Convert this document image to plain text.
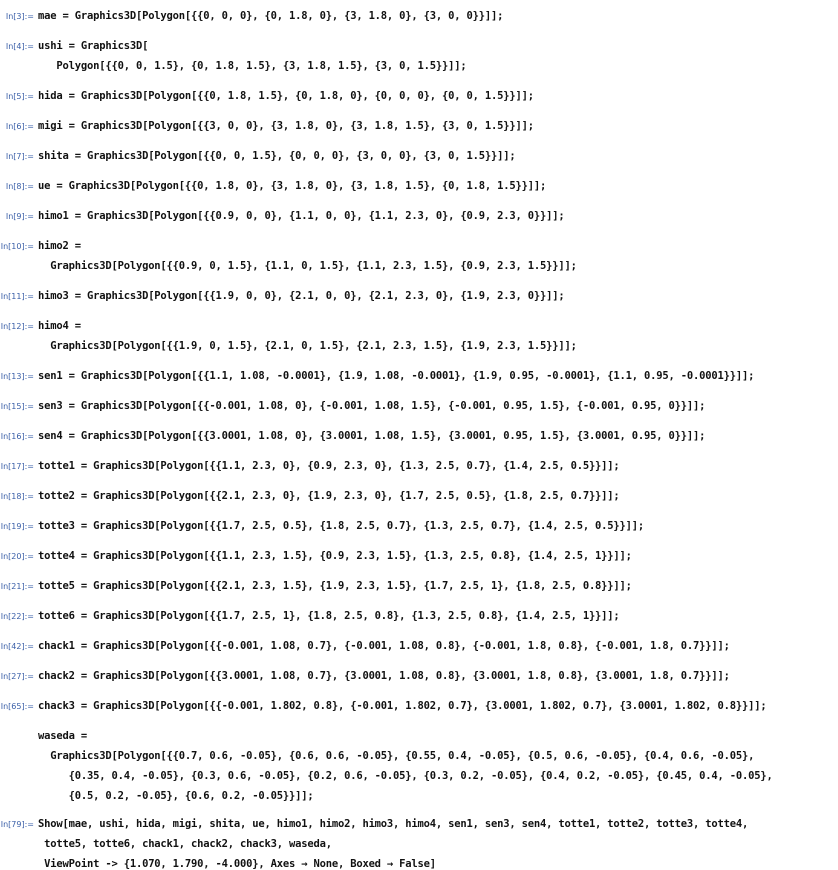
In[3]:= mae = Graphics3D[Polygon[{{0, 0, 0}, {0, 1.8, 0}, {3, 1.8, 0}, {3, 0, 0}}]];
In[4]:= ushi = Graphics3D[
Polygon[{{0, 0, 1.5}, {0, 1.8, 1.5}, {3, 1.8, 1.5}, {3, 0, 1.5}}]];
In[5]:= hida = Graphics3D[Polygon[{{0, 1.8, 1.5}, {0, 1.8, 0}, {0, 0, 0}, {0, 0, 1.5}}]];
In[6]:= migi = Graphics3D[Polygon[{{3, 0, 0}, {3, 1.8, 0}, {3, 1.8, 1.5}, {3, 0, 1.5}}]];
In[7]:= shita = Graphics3D[Polygon[{{0, 0, 1.5}, {0, 0, 0}, {3, 0, 0}, {3, 0, 1.5}}]];
In[8]:= ue = Graphics3D[Polygon[{{0, 1.8, 0}, {3, 1.8, 0}, {3, 1.8, 1.5}, {0, 1.8, 1.5}}]];
In[9]:= himo1 = Graphics3D[Polygon[{{0.9, 0, 0}, {1.1, 0, 0}, {1.1, 2.3, 0}, {0.9, 2.3, 0}}]];
In[10]:= himo2 =
Graphics3D[Polygon[{{0.9, 0, 1.5}, {1.1, 0, 1.5}, {1.1, 2.3, 1.5}, {0.9, 2.3, 1.5}}]];
In[11]:= himo3 = Graphics3D[Polygon[{{1.9, 0, 0}, {2.1, 0, 0}, {2.1, 2.3, 0}, {1.9, 2.3, 0}}]];
In[12]:= himo4 =
Graphics3D[Polygon[{{1.9, 0, 1.5}, {2.1, 0, 1.5}, {2.1, 2.3, 1.5}, {1.9, 2.3, 1.5}}]];
In[13]:= sen1 = Graphics3D[Polygon[{{1.1, 1.08, -0.0001}, {1.9, 1.08, -0.0001}, {1.9, 0.95, -0.0001}, {1.1, 0.95, -0.0001}}]];
In[15]:= sen3 = Graphics3D[Polygon[{{-0.001, 1.08, 0}, {-0.001, 1.08, 1.5}, {-0.001, 0.95, 1.5}, {-0.001, 0.95, 0}}]];
In[16]:= sen4 = Graphics3D[Polygon[{{3.0001, 1.08, 0}, {3.0001, 1.08, 1.5}, {3.0001, 0.95, 1.5}, {3.0001, 0.95, 0}}]];
In[17]:= totte1 = Graphics3D[Polygon[{{1.1, 2.3, 0}, {0.9, 2.3, 0}, {1.3, 2.5, 0.7}, {1.4, 2.5, 0.5}}]];
In[18]:= totte2 = Graphics3D[Polygon[{{2.1, 2.3, 0}, {1.9, 2.3, 0}, {1.7, 2.5, 0.5}, {1.8, 2.5, 0.7}}]];
In[19]:= totte3 = Graphics3D[Polygon[{{1.7, 2.5, 0.5}, {1.8, 2.5, 0.7}, {1.3, 2.5, 0.7}, {1.4, 2.5, 0.5}}]];
In[20]:= totte4 = Graphics3D[Polygon[{{1.1, 2.3, 1.5}, {0.9, 2.3, 1.5}, {1.3, 2.5, 0.8}, {1.4, 2.5, 1}}]];
In[21]:= totte5 = Graphics3D[Polygon[{{2.1, 2.3, 1.5}, {1.9, 2.3, 1.5}, {1.7, 2.5, 1}, {1.8, 2.5, 0.8}}]];
In[22]:= totte6 = Graphics3D[Polygon[{{1.7, 2.5, 1}, {1.8, 2.5, 0.8}, {1.3, 2.5, 0.8}, {1.4, 2.5, 1}}]];
In[42]:= chack1 = Graphics3D[Polygon[{{-0.001, 1.08, 0.7}, {-0.001, 1.08, 0.8}, {-0.001, 1.8, 0.8}, {-0.001, 1.8, 0.7}}]];
In[27]:= chack2 = Graphics3D[Polygon[{{3.0001, 1.08, 0.7}, {3.0001, 1.08, 0.8}, {3.0001, 1.8, 0.8}, {3.0001, 1.8, 0.7}}]];
In[65]:= chack3 = Graphics3D[Polygon[{{-0.001, 1.802, 0.8}, {-0.001, 1.802, 0.7}, {3.0001, 1.802, 0.7}, {3.0001, 1.802, 0.8}}]];
waseda =
Graphics3D[Polygon[{{0.7, 0.6, -0.05}, {0.6, 0.6, -0.05}, {0.55, 0.4, -0.05}, {0.5, 0.6, -0.05}, {0.4, 0.6, -0.05},
{0.35, 0.4, -0.05}, {0.3, 0.6, -0.05}, {0.2, 0.6, -0.05}, {0.3, 0.2, -0.05}, {0.4, 0.2, -0.05}, {0.45, 0.4, -0.05},
{0.5, 0.2, -0.05}, {0.6, 0.2, -0.05}}]];
In[79]:= Show[mae, ushi, hida, migi, shita, ue, himo1, himo2, himo3, himo4, sen1, sen3, sen4, totte1, totte2, totte3, totte4,
totte5, totte6, chack1, chack2, chack3, waseda,
ViewPoint -> {1.070, 1.790, -4.000}, Axes → None, Boxed → False]
